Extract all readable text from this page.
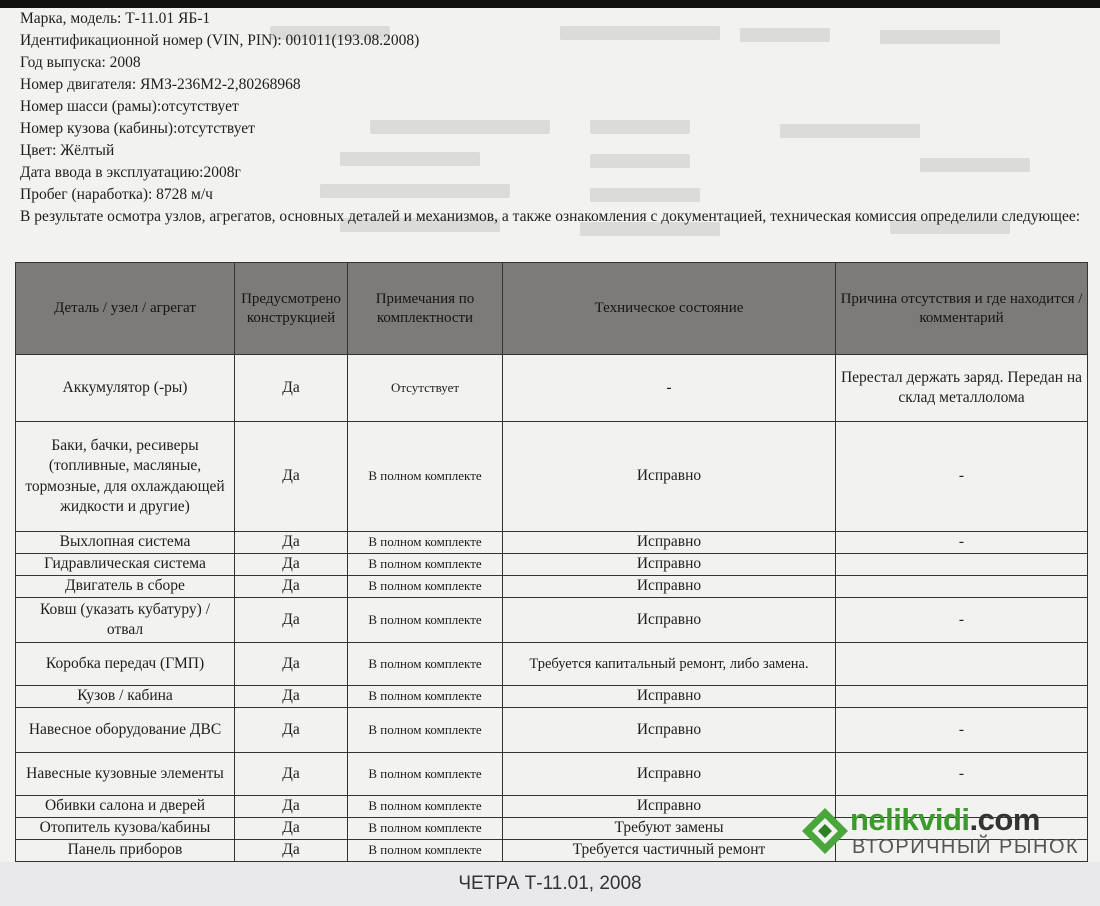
Марка, модель: Т-11.01 ЯБ-1
Идентификационной номер (VIN, PIN): 001011(193.08.2008)
Год выпуска: 2008
Номер двигателя: ЯМЗ-236М2-2,80268968
Номер шасси (рамы):отсутствует
Номер кузова (кабины):отсутствует
Цвет: Жёлтый
Дата ввода в эксплуатацию:2008г
Пробег (наработка): 8728 м/ч
В результате осмотра узлов, агрегатов, основных деталей и механизмов, а также ознакомления с документацией, техническая комиссия определили следующее:
Деталь / узел / агрегат	Предусмотрено конструкцией	Примечания по комплектности	Техническое состояние	Причина отсутствия и где находится / комментарий
Аккумулятор (-ры)	Да	Отсутствует	-	Перестал держать заряд. Передан на склад металлолома
Баки, бачки, ресиверы (топливные, масляные, тормозные, для охлаждающей жидкости и другие)	Да	В полном комплекте	Исправно	-
Выхлопная система	Да	В полном комплекте	Исправно	-
Гидравлическая система	Да	В полном комплекте	Исправно	
Двигатель в сборе	Да	В полном комплекте	Исправно	
Ковш (указать кубатуру) / отвал	Да	В полном комплекте	Исправно	-
Коробка передач (ГМП)	Да	В полном комплекте	Требуется капитальный ремонт, либо замена.	
Кузов / кабина	Да	В полном комплекте	Исправно	
Навесное оборудование ДВС	Да	В полном комплекте	Исправно	-
Навесные кузовные элементы	Да	В полном комплекте	Исправно	-
Обивки салона и дверей	Да	В полном комплекте	Исправно	
Отопитель кузова/кабины	Да	В полном комплекте	Требуют замены	
Панель приборов	Да	В полном комплекте	Требуется частичный ремонт	
nelikvidi.com
ВТОРИЧНЫЙ РЫНОК
ЧЕТРА Т-11.01, 2008
